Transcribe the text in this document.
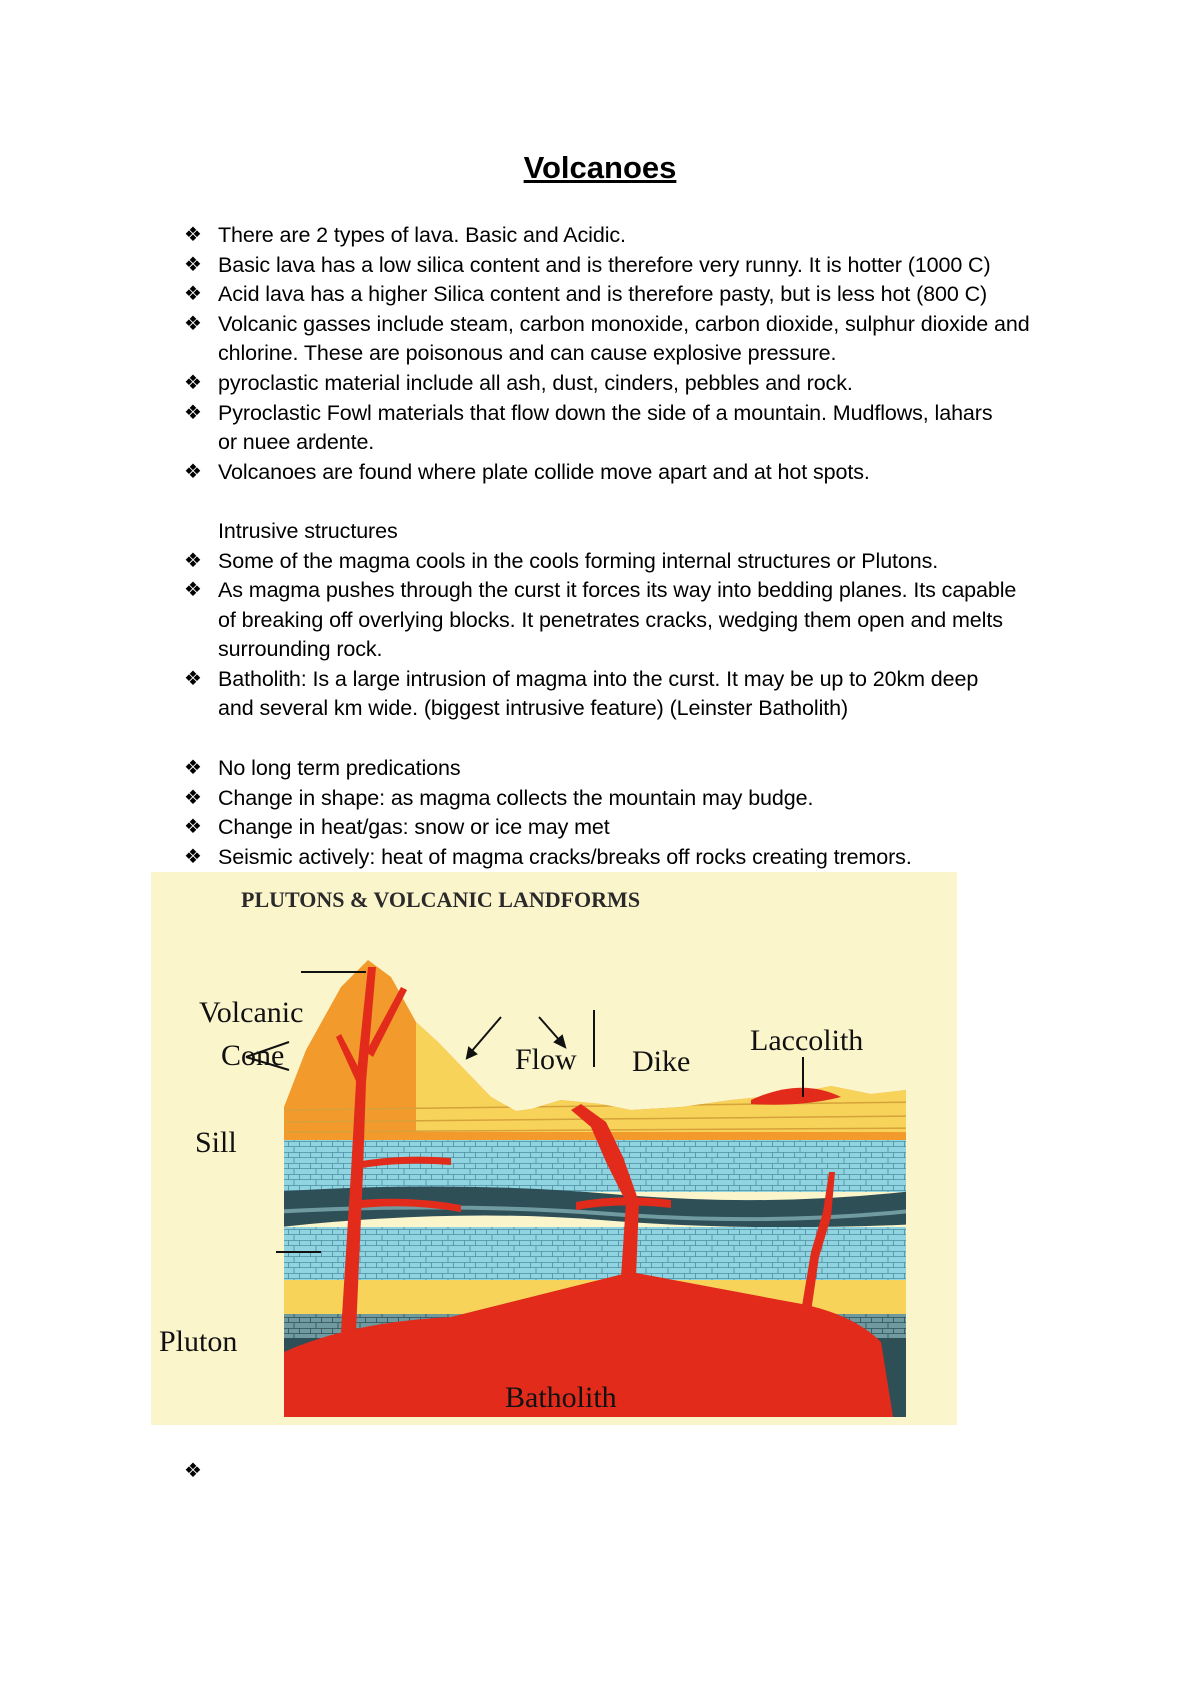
Volcanoes
❖
❖
❖
❖
❖
❖
❖
❖
❖
❖
❖
❖
❖
❖
❖
There are 2 types of lava. Basic and Acidic.
Basic lava has a low silica content and is therefore very runny. It is hotter (1000 C)
Acid lava has a higher Silica content and is therefore pasty, but is less hot (800 C)
Volcanic gasses include steam, carbon monoxide, carbon dioxide, sulphur dioxide and
chlorine. These are poisonous and can cause explosive pressure.
pyroclastic material include all ash, dust, cinders, pebbles and rock.
Pyroclastic Fowl materials that flow down the side of a mountain. Mudflows, lahars
or nuee ardente.
Volcanoes are found where plate collide move apart and at hot spots.
Intrusive structures
Some of the magma cools in the cools forming internal structures or Plutons.
As magma pushes through the curst it forces its way into bedding planes. Its capable
of breaking off overlying blocks. It penetrates cracks, wedging them open and melts
surrounding rock.
Batholith: Is a large intrusion of magma into the curst. It may be up to 20km deep
and several km wide. (biggest intrusive feature) (Leinster Batholith)
No long term predications
Change in shape: as magma collects the mountain may budge.
Change in heat/gas: snow or ice may met
Seismic actively: heat of magma cracks/breaks off rocks creating tremors.
PLUTONS & VOLCANIC LANDFORMS
Volcanic
Cone	Flow Dike
Laccolith
Sill
Pluton
Batholith
